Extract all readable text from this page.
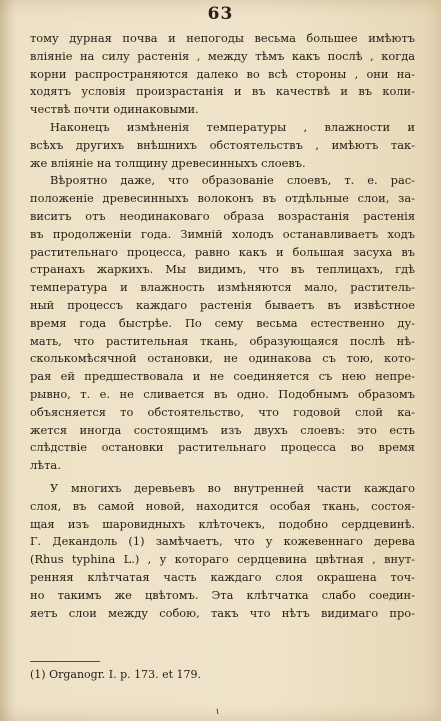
63
тому дурная почва и непогоды весьма большее имѣютъ
вліяніе на силу растенія , между тѣмъ какъ послѣ , когда
корни распространяются далеко во всѣ стороны , они на-
ходятъ условія произрастанія и въ качествѣ и въ коли-
чествѣ почти одинаковыми.
Наконецъ измѣненія температуры , влажности и
всѣхъ другихъ внѣшнихъ обстоятельствъ , имѣютъ так-
же вліяніе на толщину древесинныхъ слоевъ.
Вѣроятно даже, что образованіе слоевъ, т. е. рас-
положеніе древесинныхъ волоконъ въ отдѣльные слои, за-
виситъ отъ неодинаковаго образа возрастанія растенія
въ продолженіи года. Зимній холодъ останавливаетъ ходъ
растительнаго процесса, равно какъ и большая засуха въ
странахъ жаркихъ. Мы видимъ, что въ теплицахъ, гдѣ
температура и влажность измѣняются мало, раститель-
ный процессъ каждаго растенія бываетъ въ извѣстное
время года быстрѣе. По сему весьма естественно ду-
мать, что растительная ткань, образующаяся послѣ нѣ-
сколькомѣсячной остановки, не одинакова съ тою, кото-
рая ей предшествовала и не соединяется съ нею непре-
рывно, т. е. не сливается въ одно. Подобнымъ образомъ
объясняется то обстоятельство, что годовой слой ка-
жется иногда состоящимъ изъ двухъ слоевъ: это есть
слѣдствіе остановки растительнаго процесса во время
лѣта.
У многихъ деревьевъ во внутренней части каждаго
слоя, въ самой новой, находится особая ткань, состоя-
щая изъ шаровидныхъ клѣточекъ, подобно сердцевинѣ.
Г. Декандоль (1) замѣчаетъ, что у кожевеннаго дерева
(Rhus typhina L.) , у котораго сердцевина цвѣтная , внут-
ренняя клѣтчатая часть каждаго слоя окрашена точ-
но такимъ же цвѣтомъ. Эта клѣтчатка слабо соедин-
яетъ слои между собою, такъ что нѣтъ видимаго про-
(1) Organogr. I. p. 173. et 179.
ι
